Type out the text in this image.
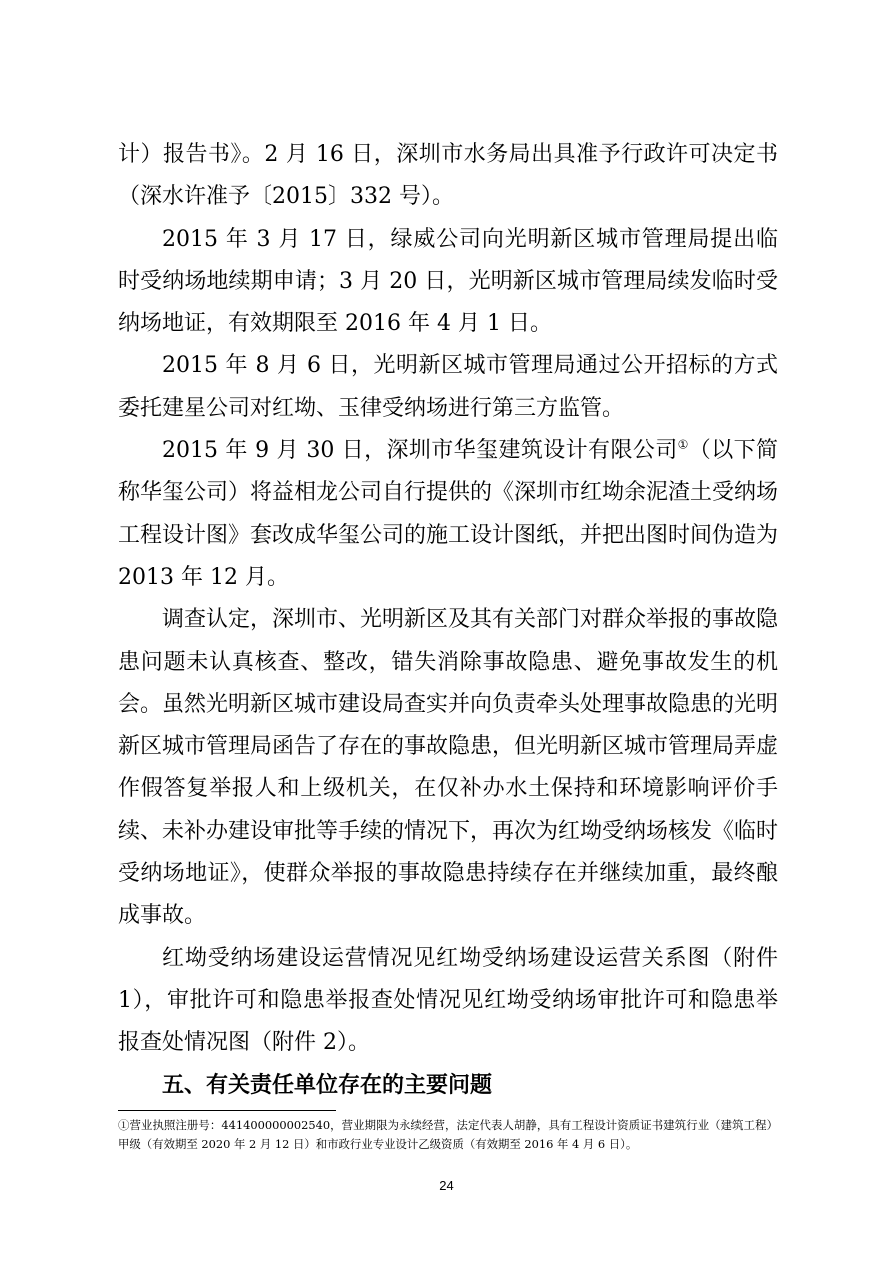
计）报告书》。2 月 16 日，深圳市水务局出具准予行政许可决定书（深水许准予〔2015〕332 号）。

2015 年 3 月 17 日，绿威公司向光明新区城市管理局提出临时受纳场地续期申请；3 月 20 日，光明新区城市管理局续发临时受纳场地证，有效期限至 2016 年 4 月 1 日。

2015 年 8 月 6 日，光明新区城市管理局通过公开招标的方式委托建星公司对红坳、玉律受纳场进行第三方监管。

2015 年 9 月 30 日，深圳市华玺建筑设计有限公司①（以下简称华玺公司）将益相龙公司自行提供的《深圳市红坳余泥渣土受纳场工程设计图》套改成华玺公司的施工设计图纸，并把出图时间伪造为 2013 年 12 月。

调查认定，深圳市、光明新区及其有关部门对群众举报的事故隐患问题未认真核查、整改，错失消除事故隐患、避免事故发生的机会。虽然光明新区城市建设局查实并向负责牵头处理事故隐患的光明新区城市管理局函告了存在的事故隐患，但光明新区城市管理局弄虚作假答复举报人和上级机关，在仅补办水土保持和环境影响评价手续、未补办建设审批等手续的情况下，再次为红坳受纳场核发《临时受纳场地证》，使群众举报的事故隐患持续存在并继续加重，最终酿成事故。

红坳受纳场建设运营情况见红坳受纳场建设运营关系图（附件 1），审批许可和隐患举报查处情况见红坳受纳场审批许可和隐患举报查处情况图（附件 2）。

五、有关责任单位存在的主要问题

①营业执照注册号：441400000002540，营业期限为永续经营，法定代表人胡静，具有工程设计资质证书建筑行业（建筑工程）甲级（有效期至 2020 年 2 月 12 日）和市政行业专业设计乙级资质（有效期至 2016 年 4 月 6 日）。
24
